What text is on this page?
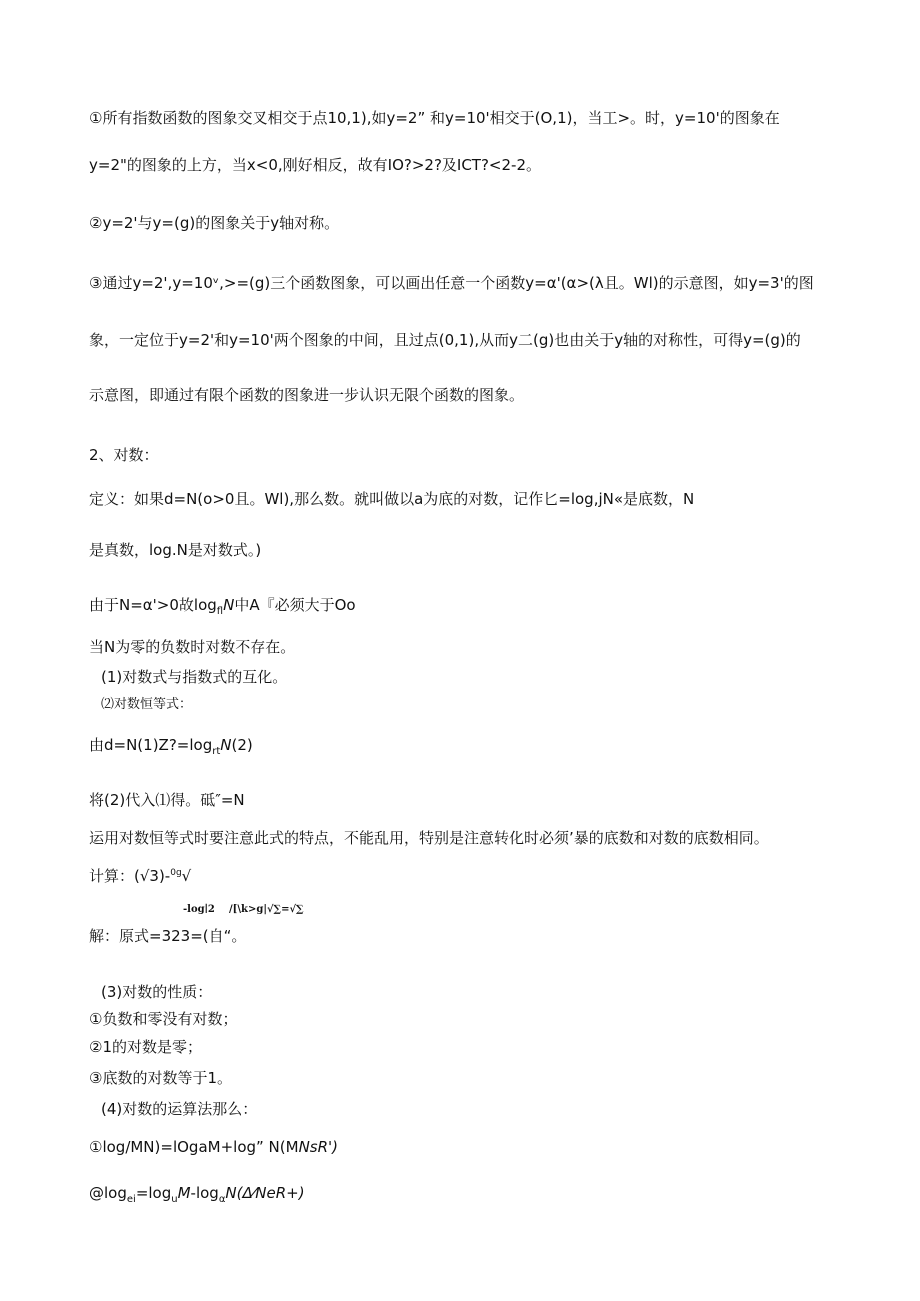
①所有指数函数的图象交叉相交于点10,1),如y=2” 和y=10'相交于(O,1)，当工>。时，y=10'的图象在
y=2"的图象的上方，当x<0,刚好相反，故有IO?>2?及ICT?<2-2。
②y=2'与y=(g)的图象关于y轴对称。
③通过y=2',y=10ᵛ,>=(g)三个函数图象，可以画出任意一个函数y=α'(α>(λ且。Wl)的示意图，如y=3'的图
象，一定位于y=2'和y=10'两个图象的中间，且过点(0,1),从而y二(g)也由关于y轴的对称性，可得y=(g)的
示意图，即通过有限个函数的图象进一步认识无限个函数的图象。
2、对数：
定义：如果d=N(o>0且。Wl),那么数。就叫做以a为底的对数，记作匕=log,jN«是底数，N
是真数，log.N是对数式。)
由于N=α'>0故$\log_{fl}N$中A『必须大于Oo
当N为零的负数时对数不存在。
(1)对数式与指数式的互化。
⑵对数恒等式：
由$d=N(1)Z?=\log_{rt}N(2)$
将(2)代入⑴得。砥″=N
运用对数恒等式时要注意此式的特点，不能乱用，特别是注意转化时必须’暴的底数和对数的底数相同。
计算：(√3)-$^{0g}$√
-log∣2 /[\k>g|√∑=√∑
解：原式=323=(自“。
(3)对数的性质：
①负数和零没有对数；
②1的对数是零；
③底数的对数等于1。
(4)对数的运算法那么：
①log/MN)=lOgaM+log” N(MNsR')
$@\log_{ei}=\log_uM-\log_\alpha N(\Delta⁄NeR+)$
